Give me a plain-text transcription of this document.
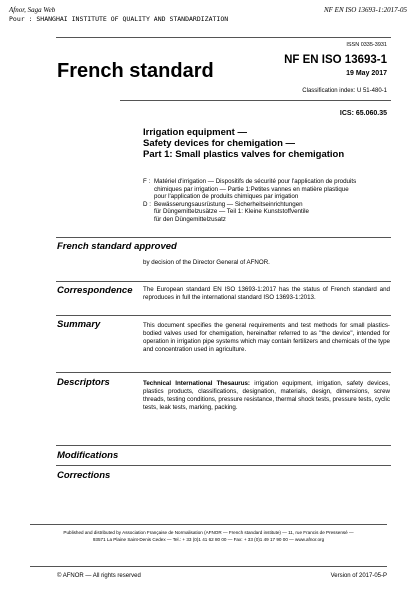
Afnor, Saga Web
Pour : SHANGHAI INSTITUTE OF QUALITY AND STANDARDIZATION
NF EN ISO 13693-1:2017-05
ISSN 0335-3931
French standard	NF EN ISO 13693-1
19 May 2017
Classification index: U 51-480-1
ICS: 65.060.35
Irrigation equipment —
Safety devices for chemigation —
Part 1: Small plastics valves for chemigation
F : Matériel d'irrigation — Dispositifs de sécurité pour l'application de produits
chimiques par irrigation — Partie 1:Petites vannes en matière plastique
pour l'application de produits chimiques par irrigation
D : Bewässerungsausrüstung — Sicherheitseinrichtungen
für Düngemittelzusätze — Teil 1: Kleine Kunststoffventile
für den Düngemittelzusatz
French standard approved
by decision of the Director General of AFNOR.
Correspondence The European standard EN ISO 13693-1:2017 has the status of French standard and reproduces in full the international standard ISO 13693-1:2013.
Summary	This document specifies the general requirements and test methods for small plastics-bodied valves used for chemigation, hereinafter referred to as "the device", intended for operation in irrigation pipe systems which may contain fertilizers and chemicals of the type and concentration used in agriculture.
Descriptors	Technical International Thesaurus: irrigation equipment, irrigation, safety devices, plastics products, classifications, designation, materials, design, dimensions, screw threads, testing conditions, pressure resistance, thermal shock tests, pressure tests, cyclic tests, leak tests, marking, packing.
Modifications
Corrections
Published and distributed by Association Française de Normalisation (AFNOR — French standard institute) — 11, rue Francis de Pressensé —
93571 La Plaine Saint-Denis Cedex — Tel.: + 33 (0)1 41 62 80 00 — Fax: + 33 (0)1 49 17 90 00 — www.afnor.org
© AFNOR — All rights reserved	Version of 2017-05-P
